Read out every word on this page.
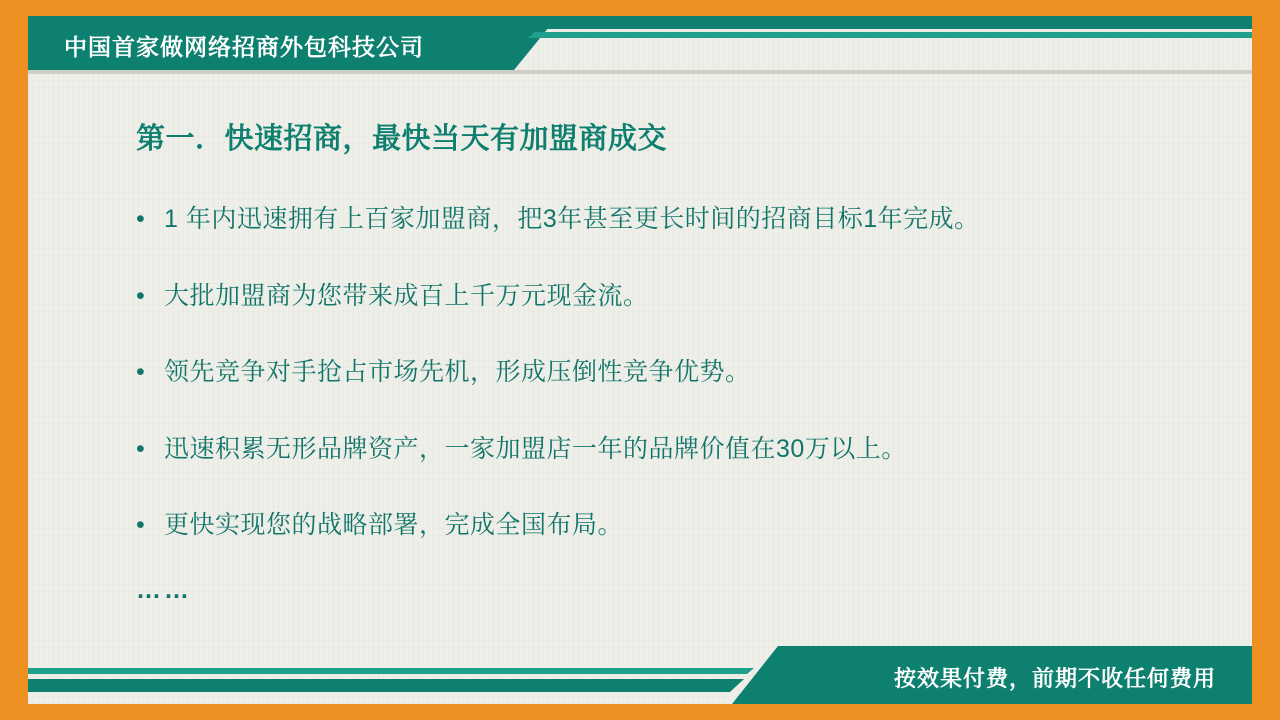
中国首家做网络招商外包科技公司
第一．快速招商，最快当天有加盟商成交
• 1 年内迅速拥有上百家加盟商，把3年甚至更长时间的招商目标1年完成。
• 大批加盟商为您带来成百上千万元现金流。
• 领先竞争对手抢占市场先机，形成压倒性竞争优势。
• 迅速积累无形品牌资产，一家加盟店一年的品牌价值在30万以上。
• 更快实现您的战略部署，完成全国布局。
……
按效果付费，前期不收任何费用
